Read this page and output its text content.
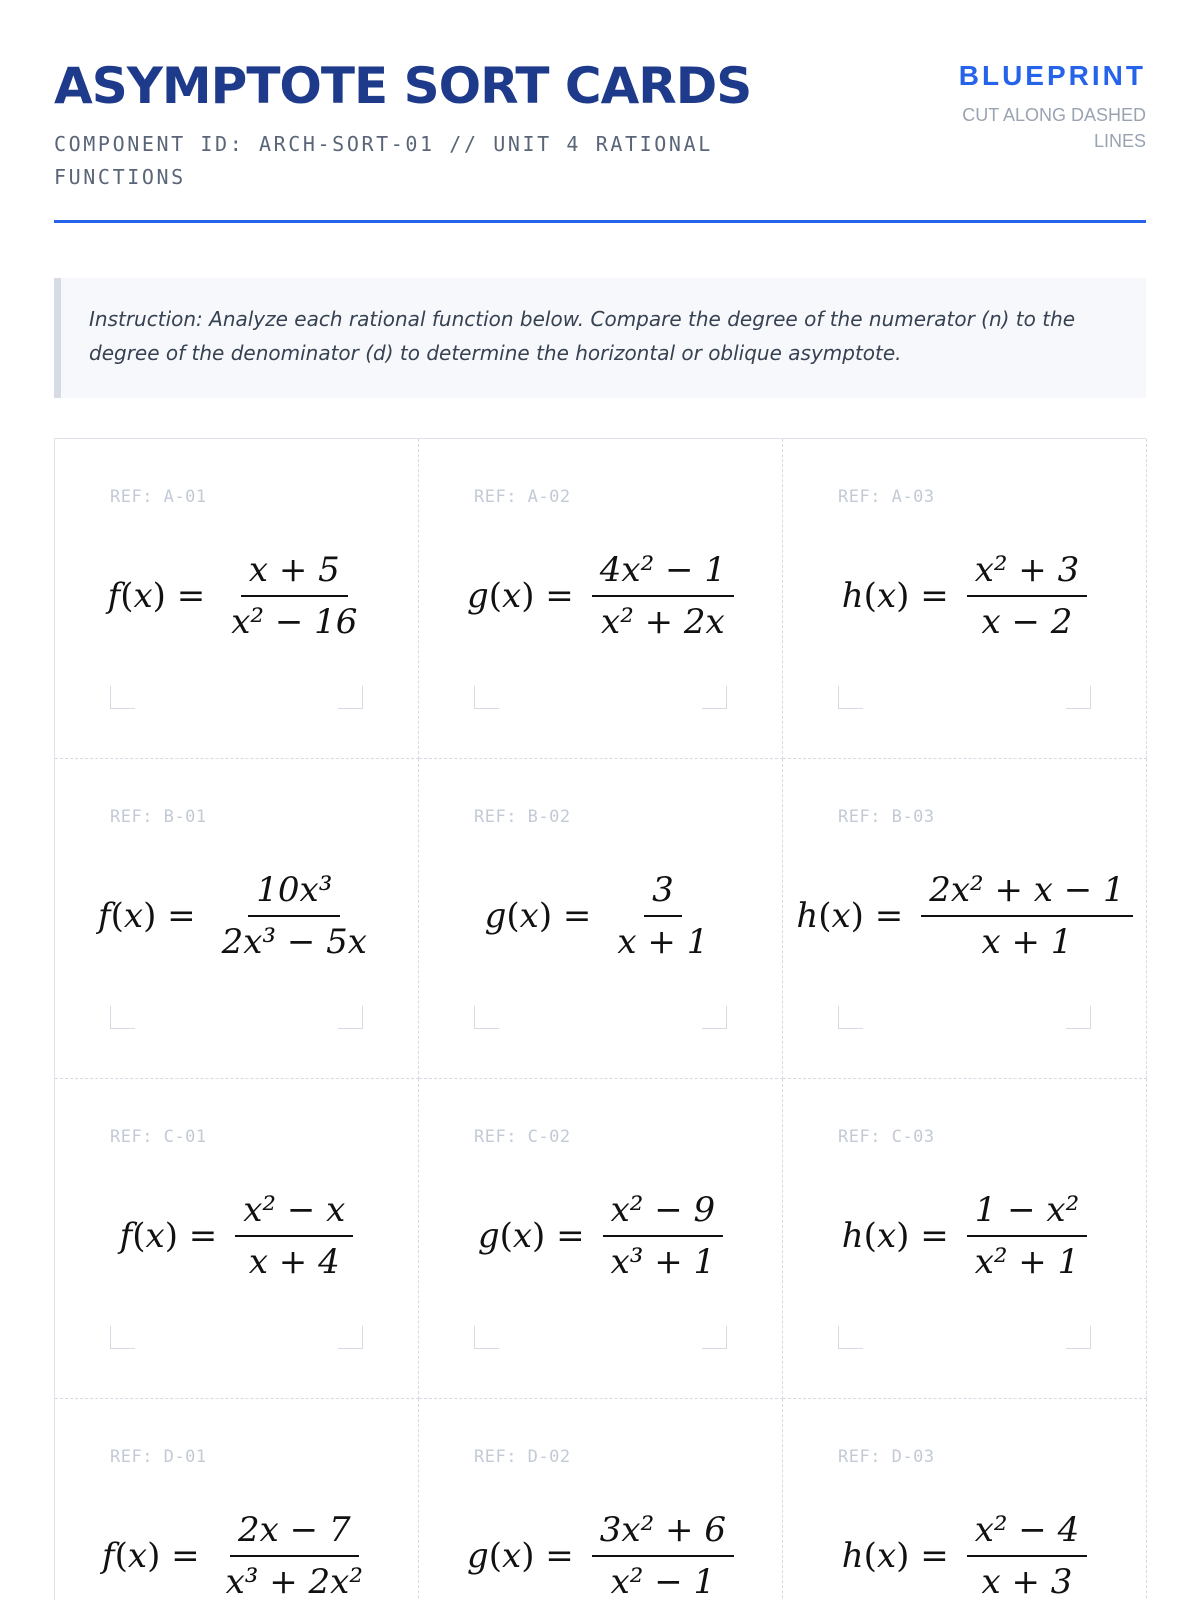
ASYMPTOTE SORT CARDS
COMPONENT ID: ARCH-SORT-01 // UNIT 4 RATIONAL FUNCTIONS
BLUEPRINT
CUT ALONG DASHED LINES

Instruction: Analyze each rational function below. Compare the degree of the numerator (n) to the degree of the denominator (d) to determine the horizontal or oblique asymptote.

REF: A-01
$f(x) = \frac{x + 5}{\text{x² − 16}}$
REF: A-02
$g(x) = \frac{\text{4x² − 1}}{\text{x² + 2x}}$
REF: A-03
$h(x) = \frac{\text{x² + 3}}{x - 2}$
REF: B-01
$f(x) = \frac{\text{10x³}}{\text{2x³ − 5x}}$
REF: B-02
$g(x) = \frac{3}{x + 1}$
REF: B-03
$h(x) = \frac{\text{2x² + x − 1}}{x + 1}$
REF: C-01
$f(x) = \frac{\text{x² − x}}{x + 4}$
REF: C-02
$g(x) = \frac{\text{x² − 9}}{\text{x³ + 1}}$
REF: C-03
$h(x) = \frac{\text{1 − x²}}{\text{x² + 1}}$
REF: D-01
$f(x) = \frac{2x - 7}{\text{x³ + 2x²}}$
REF: D-02
$g(x) = \frac{\text{3x² + 6}}{\text{x² − 1}}$
REF: D-03
$h(x) = \frac{\text{x² − 4}}{x + 3}$
